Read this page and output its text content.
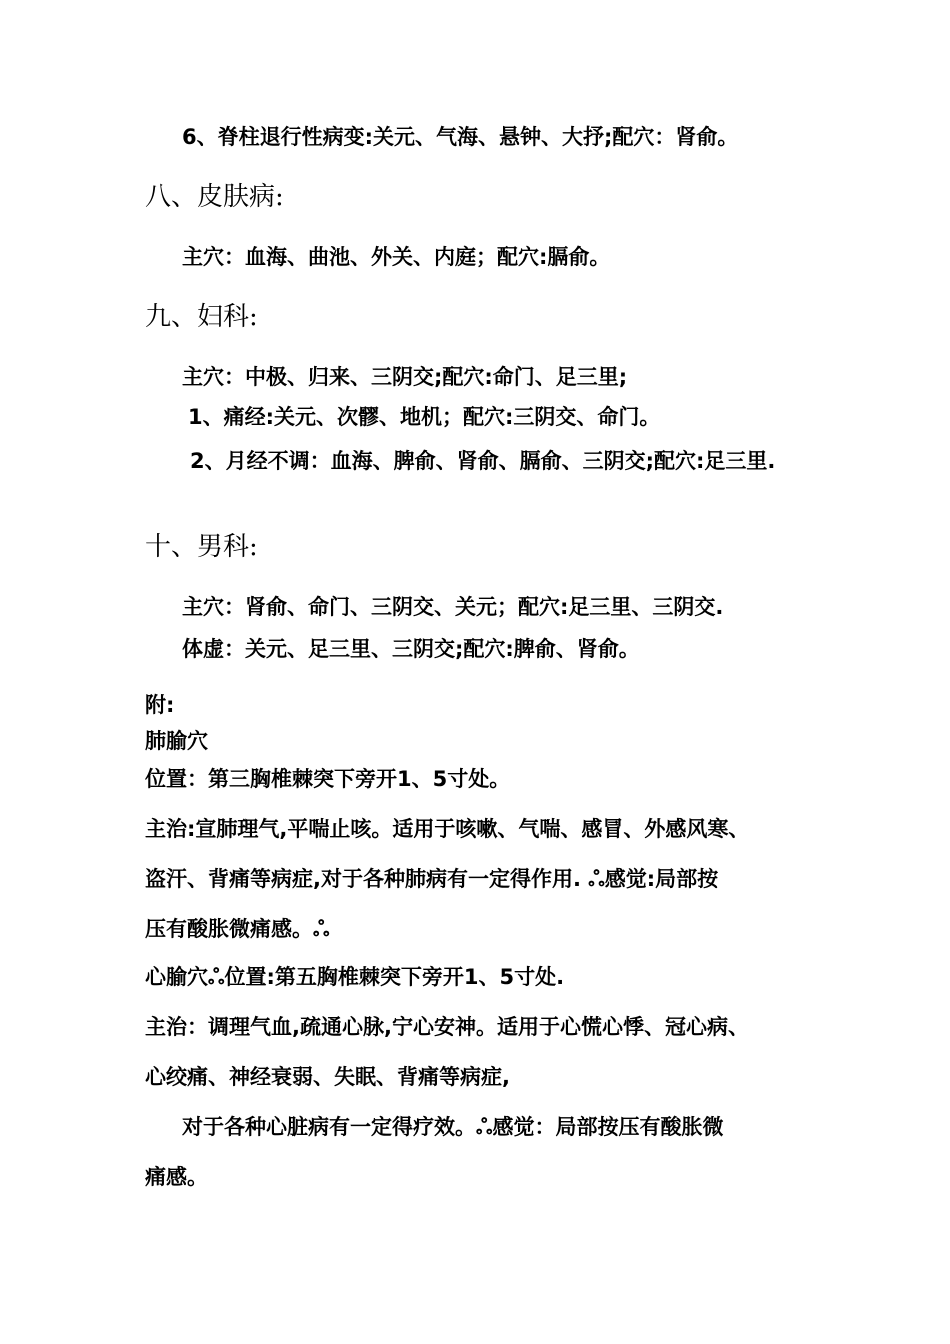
6、脊柱退行性病变:关元、气海、悬钟、大抒;配穴：肾俞。

八、皮肤病:

主穴：血海、曲池、外关、内庭；配穴:膈俞。

九、妇科:

主穴：中极、归来、三阴交;配穴:命门、足三里;

1、痛经:关元、次髎、地机；配穴:三阴交、命门。

2、月经不调：血海、脾俞、肾俞、膈俞、三阴交;配穴:足三里.

十、男科:

主穴：肾俞、命门、三阴交、关元；配穴:足三里、三阴交.

体虚：关元、足三里、三阴交;配穴:脾俞、肾俞。

附:

肺腧穴

位置：第三胸椎棘突下旁开1、5寸处。

主治:宣肺理气,平喘止咳。适用于咳嗽、气喘、感冒、外感风寒、

盗汗、背痛等病症,对于各种肺病有一定得作用. ஃ感觉:局部按

压有酸胀微痛感。ஃ

心腧穴ஃ位置:第五胸椎棘突下旁开1、5寸处.

主治：调理气血,疏通心脉,宁心安神。适用于心慌心悸、冠心病、

心绞痛、神经衰弱、失眠、背痛等病症,

对于各种心脏病有一定得疗效。ஃ感觉：局部按压有酸胀微

痛感。
